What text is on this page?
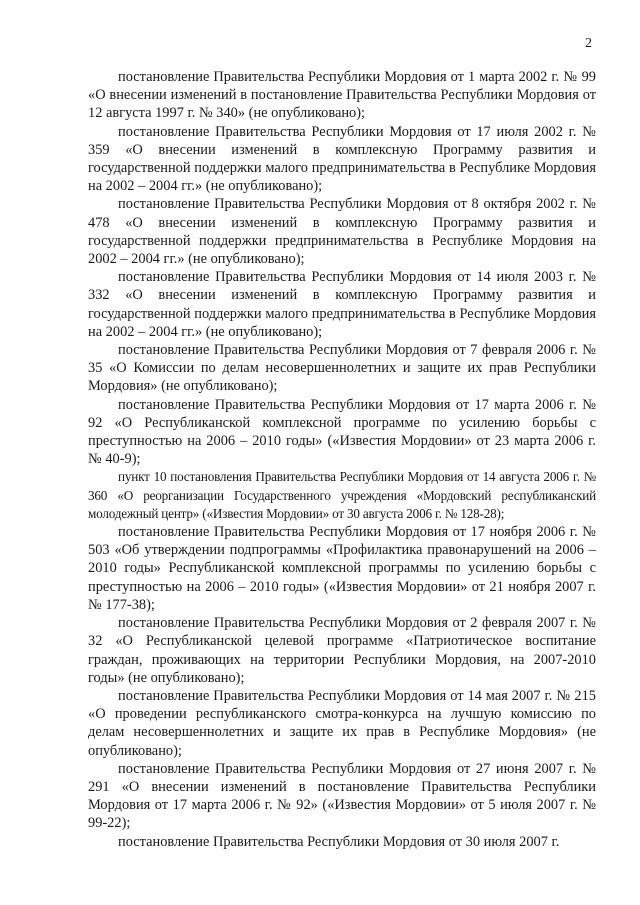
2

постановление Правительства Республики Мордовия от 1 марта 2002 г. № 99 «О внесении изменений в постановление Правительства Республики Мордовия от 12 августа 1997 г. № 340» (не опубликовано);

постановление Правительства Республики Мордовия от 17 июля 2002 г. № 359 «О внесении изменений в комплексную Программу развития и государственной поддержки малого предпринимательства в Республике Мордовия на 2002 – 2004 гг.» (не опубликовано);

постановление Правительства Республики Мордовия от 8 октября 2002 г. № 478 «О внесении изменений в комплексную Программу развития и государственной поддержки предпринимательства в Республике Мордовия на 2002 – 2004 гг.» (не опубликовано);

постановление Правительства Республики Мордовия от 14 июля 2003 г. № 332 «О внесении изменений в комплексную Программу развития и государственной поддержки малого предпринимательства в Республике Мордовия на 2002 – 2004 гг.» (не опубликовано);

постановление Правительства Республики Мордовия от 7 февраля 2006 г. № 35 «О Комиссии по делам несовершеннолетних и защите их прав Республики Мордовия» (не опубликовано);

постановление Правительства Республики Мордовия от 17 марта 2006 г. № 92 «О Республиканской комплексной программе по усилению борьбы с преступностью на 2006 – 2010 годы» («Известия Мордовии» от 23 марта 2006 г. № 40-9);

пункт 10 постановления Правительства Республики Мордовия от 14 августа 2006 г. № 360 «О реорганизации Государственного учреждения «Мордовский республиканский молодежный центр» («Известия Мордовии» от 30 августа 2006 г. № 128-28);

постановление Правительства Республики Мордовия от 17 ноября 2006 г. № 503 «Об утверждении подпрограммы «Профилактика правонарушений на 2006 – 2010 годы» Республиканской комплексной программы по усилению борьбы с преступностью на 2006 – 2010 годы» («Известия Мордовии» от 21 ноября 2007 г. № 177-38);

постановление Правительства Республики Мордовия от 2 февраля 2007 г. № 32 «О Республиканской целевой программе «Патриотическое воспитание граждан, проживающих на территории Республики Мордовия, на 2007-2010 годы» (не опубликовано);

постановление Правительства Республики Мордовия от 14 мая 2007 г. № 215 «О проведении республиканского смотра-конкурса на лучшую комиссию по делам несовершеннолетних и защите их прав в Республике Мордовия» (не опубликовано);

постановление Правительства Республики Мордовия от 27 июня 2007 г. № 291 «О внесении изменений в постановление Правительства Республики Мордовия от 17 марта 2006 г. № 92» («Известия Мордовии» от 5 июля 2007 г. № 99-22);

постановление Правительства Республики Мордовия от 30 июля 2007 г.
